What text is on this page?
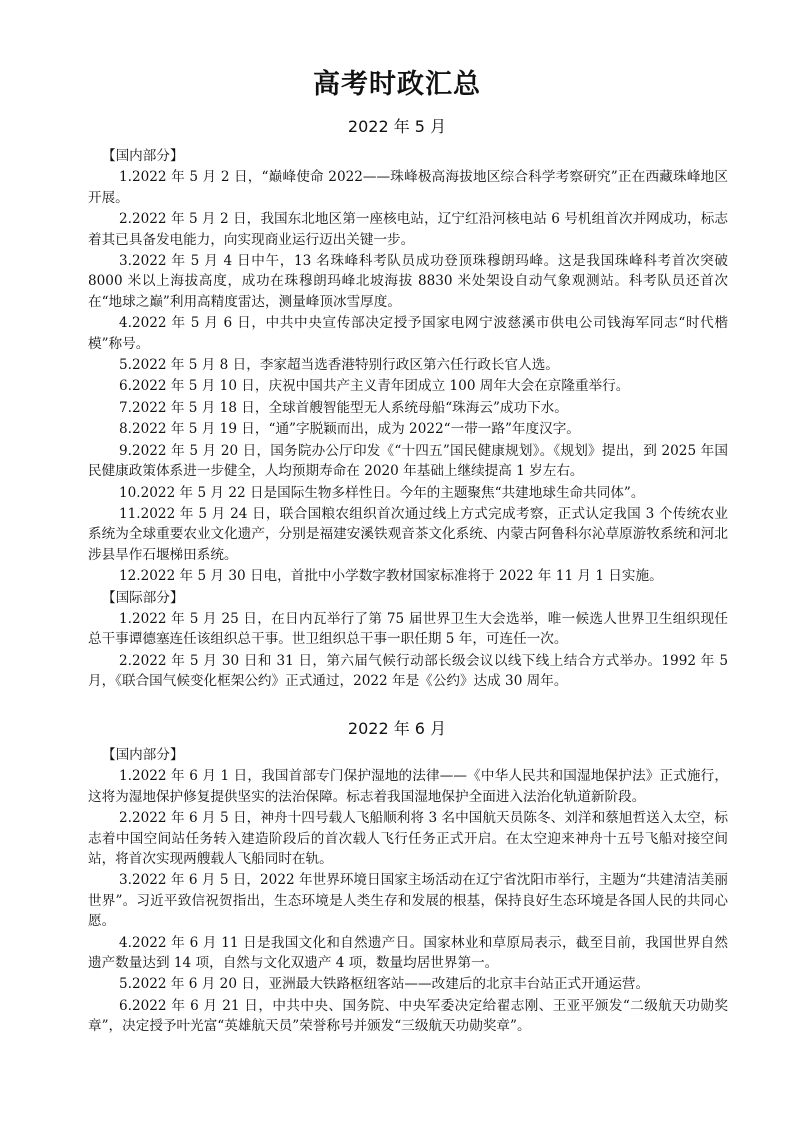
高考时政汇总
2022 年 5 月
【国内部分】

1.2022 年 5 月 2 日，“巅峰使命 2022——珠峰极高海拔地区综合科学考察研究”正在西藏珠峰地区开展。

2.2022 年 5 月 2 日，我国东北地区第一座核电站，辽宁红沿河核电站 6 号机组首次并网成功，标志着其已具备发电能力，向实现商业运行迈出关键一步。

3.2022 年 5 月 4 日中午，13 名珠峰科考队员成功登顶珠穆朗玛峰。这是我国珠峰科考首次突破 8000 米以上海拔高度，成功在珠穆朗玛峰北坡海拔 8830 米处架设自动气象观测站。科考队员还首次在“地球之巅”利用高精度雷达，测量峰顶冰雪厚度。

4.2022 年 5 月 6 日，中共中央宣传部决定授予国家电网宁波慈溪市供电公司钱海军同志“时代楷模”称号。

5.2022 年 5 月 8 日，李家超当选香港特别行政区第六任行政长官人选。

6.2022 年 5 月 10 日，庆祝中国共产主义青年团成立 100 周年大会在京隆重举行。

7.2022 年 5 月 18 日，全球首艘智能型无人系统母船“珠海云”成功下水。

8.2022 年 5 月 19 日，“通”字脱颖而出，成为 2022“一带一路”年度汉字。

9.2022 年 5 月 20 日，国务院办公厅印发《“十四五”国民健康规划》。《规划》提出，到 2025 年国民健康政策体系进一步健全，人均预期寿命在 2020 年基础上继续提高 1 岁左右。

10.2022 年 5 月 22 日是国际生物多样性日。今年的主题聚焦“共建地球生命共同体”。

11.2022 年 5 月 24 日，联合国粮农组织首次通过线上方式完成考察，正式认定我国 3 个传统农业系统为全球重要农业文化遗产，分别是福建安溪铁观音茶文化系统、内蒙古阿鲁科尔沁草原游牧系统和河北涉县旱作石堰梯田系统。

12.2022 年 5 月 30 日电，首批中小学数字教材国家标准将于 2022 年 11 月 1 日实施。

【国际部分】

1.2022 年 5 月 25 日，在日内瓦举行了第 75 届世界卫生大会选举，唯一候选人世界卫生组织现任总干事谭德塞连任该组织总干事。世卫组织总干事一职任期 5 年，可连任一次。

2.2022 年 5 月 30 日和 31 日，第六届气候行动部长级会议以线下线上结合方式举办。1992 年 5 月，《联合国气候变化框架公约》正式通过，2022 年是《公约》达成 30 周年。

2022 年 6 月
【国内部分】

1.2022 年 6 月 1 日，我国首部专门保护湿地的法律——《中华人民共和国湿地保护法》正式施行，这将为湿地保护修复提供坚实的法治保障。标志着我国湿地保护全面进入法治化轨道新阶段。

2.2022 年 6 月 5 日，神舟十四号载人飞船顺利将 3 名中国航天员陈冬、刘洋和蔡旭哲送入太空，标志着中国空间站任务转入建造阶段后的首次载人飞行任务正式开启。在太空迎来神舟十五号飞船对接空间站，将首次实现两艘载人飞船同时在轨。

3.2022 年 6 月 5 日，2022 年世界环境日国家主场活动在辽宁省沈阳市举行，主题为“共建清洁美丽世界”。习近平致信祝贺指出，生态环境是人类生存和发展的根基，保持良好生态环境是各国人民的共同心愿。

4.2022 年 6 月 11 日是我国文化和自然遗产日。国家林业和草原局表示，截至目前，我国世界自然遗产数量达到 14 项，自然与文化双遗产 4 项，数量均居世界第一。

5.2022 年 6 月 20 日，亚洲最大铁路枢纽客站——改建后的北京丰台站正式开通运营。

6.2022 年 6 月 21 日，中共中央、国务院、中央军委决定给翟志刚、王亚平颁发“二级航天功勋奖章”，决定授予叶光富“英雄航天员”荣誉称号并颁发“三级航天功勋奖章”。
